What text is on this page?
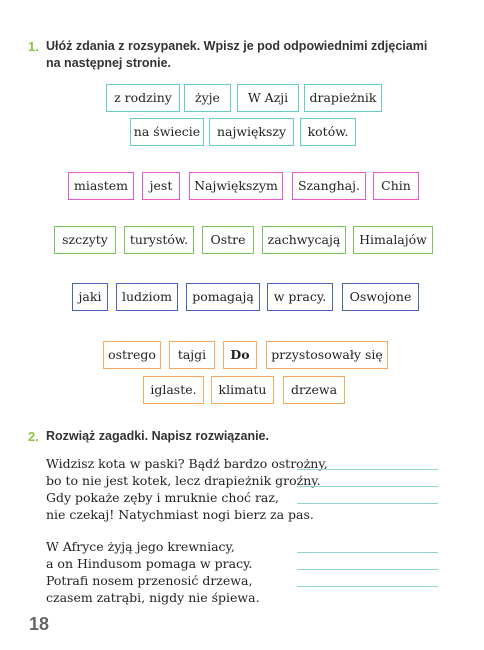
1. Ułóż zdania z rozsypanek. Wpisz je pod odpowiednimi zdjęciami
na następnej stronie.
z rodziny	żyje	W Azji	drapieżnik
na świecie	największy	kotów.
miastem	jest	Największym	Szanghaj.	Chin
szczyty	turystów.	Ostre	zachwycają	Himalajów
jaki	ludziom	pomagają	w pracy.	Oswojone
ostrego	tajgi	Do	przystosowały się
iglaste.	klimatu	drzewa
2. Rozwiąż zagadki. Napisz rozwiązanie.
Widzisz kota w paski? Bądź bardzo ostrożny,
bo to nie jest kotek, lecz drapieżnik groźny.
Gdy pokaże zęby i mruknie choć raz,
nie czekaj! Natychmiast nogi bierz za pas.
W Afryce żyją jego krewniacy,
a on Hindusom pomaga w pracy.
Potrafi nosem przenosić drzewa,
czasem zatrąbi, nigdy nie śpiewa.
18
